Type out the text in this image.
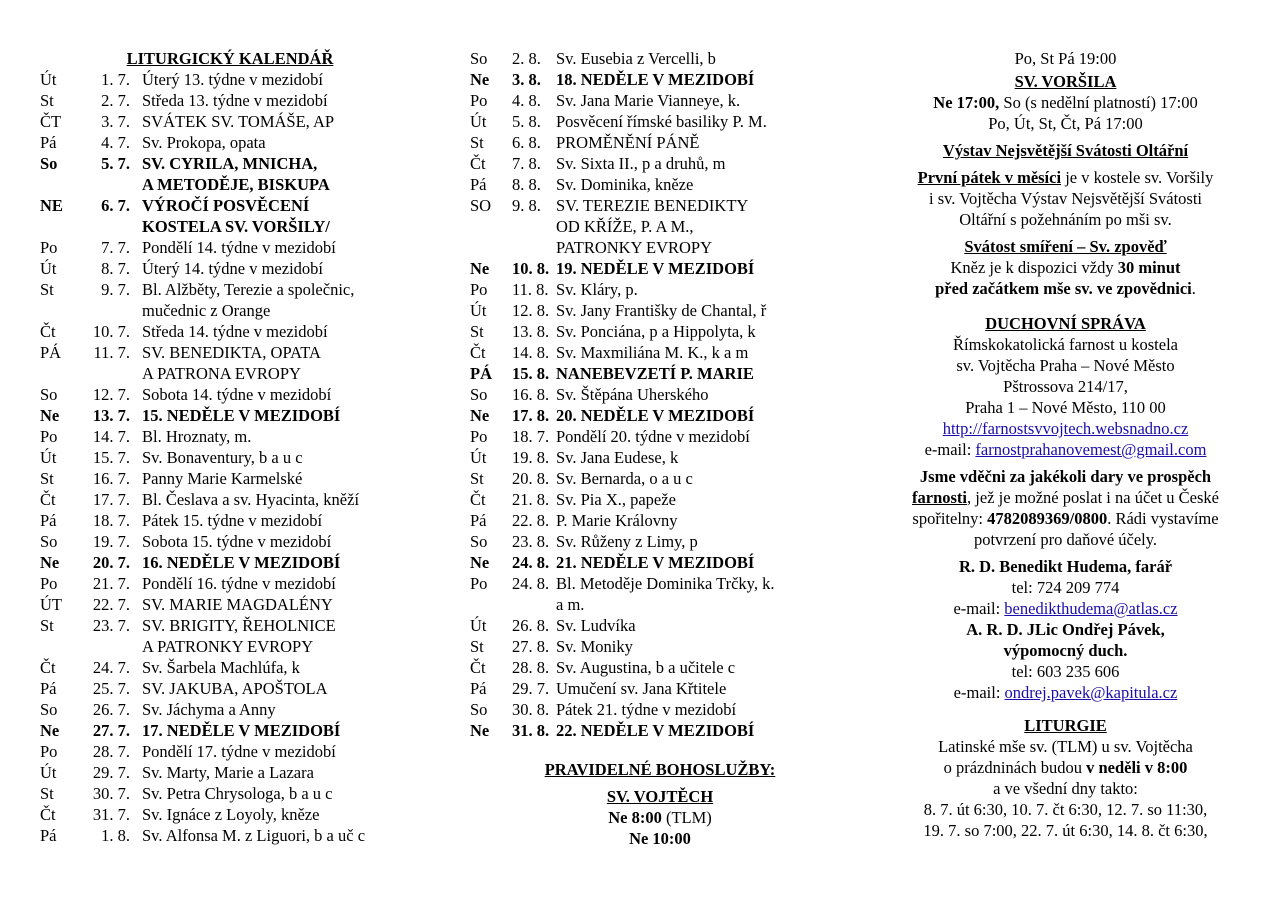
LITURGICKÝ KALENDÁŘ
Út	1. 7. Úterý 13. týdne v mezidobí
St	2. 7. Středa 13. týdne v mezidobí
ČT	3. 7. SVÁTEK SV. TOMÁŠE, AP
Pá	4. 7. Sv. Prokopa, opata
So	5. 7. SV. CYRILA, MNICHA,
A METODĚJE, BISKUPA
NE	6. 7. VÝROČÍ POSVĚCENÍ
KOSTELA SV. VORŠILY/
Po	7. 7. Pondělí 14. týdne v mezidobí
Út	8. 7. Úterý 14. týdne v mezidobí
St	9. 7. Bl. Alžběty, Terezie a společnic,
mučednic z Orange
Čt	10. 7. Středa 14. týdne v mezidobí
PÁ	11. 7. SV. BENEDIKTA, OPATA
A PATRONA EVROPY
So	12. 7. Sobota 14. týdne v mezidobí
Ne	13. 7. 15. NEDĚLE V MEZIDOBÍ
Po	14. 7. Bl. Hroznaty, m.
Út	15. 7. Sv. Bonaventury, b a u c
St	16. 7. Panny Marie Karmelské
Čt	17. 7. Bl. Česlava a sv. Hyacinta, kněží
Pá	18. 7. Pátek 15. týdne v mezidobí
So	19. 7. Sobota 15. týdne v mezidobí
Ne	20. 7. 16. NEDĚLE V MEZIDOBÍ
Po	21. 7. Pondělí 16. týdne v mezidobí
ÚT	22. 7. SV. MARIE MAGDALÉNY
St	23. 7. SV. BRIGITY, ŘEHOLNICE
A PATRONKY EVROPY
Čt	24. 7. Sv. Šarbela Machlúfa, k
Pá	25. 7. SV. JAKUBA, APOŠTOLA
So	26. 7. Sv. Jáchyma a Anny
Ne	27. 7. 17. NEDĚLE V MEZIDOBÍ
Po	28. 7. Pondělí 17. týdne v mezidobí
Út	29. 7. Sv. Marty, Marie a Lazara
St	30. 7. Sv. Petra Chrysologa, b a u c
Čt	31. 7. Sv. Ignáce z Loyoly, kněze
Pá	1. 8. Sv. Alfonsa M. z Liguori, b a uč c
So	2. 8. Sv. Eusebia z Vercelli, b
Ne	3. 8. 18. NEDĚLE V MEZIDOBÍ
Po	4. 8. Sv. Jana Marie Vianneye, k.
Út	5. 8. Posvěcení římské basiliky P. M.
St	6. 8. PROMĚNĚNÍ PÁNĚ
Čt	7. 8. Sv. Sixta II., p a druhů, m
Pá	8. 8. Sv. Dominika, kněze
SO	9. 8. SV. TEREZIE BENEDIKTY
OD KŘÍŽE, P. A M.,
PATRONKY EVROPY
Ne	10. 8. 19. NEDĚLE V MEZIDOBÍ
Po	11. 8. Sv. Kláry, p.
Út	12. 8. Sv. Jany Františky de Chantal, ř
St	13. 8. Sv. Ponciána, p a Hippolyta, k
Čt	14. 8. Sv. Maxmiliána M. K., k a m
PÁ	15. 8. NANEBEVZETÍ P. MARIE
So	16. 8. Sv. Štěpána Uherského
Ne	17. 8. 20. NEDĚLE V MEZIDOBÍ
Po	18. 7. Pondělí 20. týdne v mezidobí
Út	19. 8. Sv. Jana Eudese, k
St	20. 8. Sv. Bernarda, o a u c
Čt	21. 8. Sv. Pia X., papeže
Pá	22. 8. P. Marie Královny
So	23. 8. Sv. Růženy z Limy, p
Ne	24. 8. 21. NEDĚLE V MEZIDOBÍ
Po	24. 8. Bl. Metoděje Dominika Trčky, k.
a m.
Út	26. 8. Sv. Ludvíka
St	27. 8. Sv. Moniky
Čt	28. 8. Sv. Augustina, b a učitele c
Pá	29. 7. Umučení sv. Jana Křtitele
So	30. 8. Pátek 21. týdne v mezidobí
Ne	31. 8. 22. NEDĚLE V MEZIDOBÍ
PRAVIDELNÉ BOHOSLUŽBY:
SV. VOJTĚCH
Ne 8:00 (TLM)
Ne 10:00
Po, St Pá 19:00
SV. VORŠILA
Ne 17:00, So (s nedělní platností) 17:00
Po, Út, St, Čt, Pá 17:00
Výstav Nejsvětější Svátosti Oltářní
První pátek v měsíci je v kostele sv. Voršily
i sv. Vojtěcha Výstav Nejsvětější Svátosti
Oltářní s požehnáním po mši sv.
Svátost smíření – Sv. zpověď
Kněz je k dispozici vždy 30 minut
před začátkem mše sv. ve zpovědnici.
DUCHOVNÍ SPRÁVA
Římskokatolická farnost u kostela
sv. Vojtěcha Praha – Nové Město
Pštrossova 214/17,
Praha 1 – Nové Město, 110 00
http://farnostsvvojtech.websnadno.cz
e-mail: farnostprahanovemest@gmail.com
Jsme vděčni za jakékoli dary ve prospěch
farnosti, jež je možné poslat i na účet u České
spořitelny: 4782089369/0800. Rádi vystavíme
potvrzení pro daňové účely.
R. D. Benedikt Hudema, farář
tel: 724 209 774
e-mail: benedikthudema@atlas.cz
A. R. D. JLic Ondřej Pávek,
výpomocný duch.
tel: 603 235 606
e-mail: ondrej.pavek@kapitula.cz
LITURGIE
Latinské mše sv. (TLM) u sv. Vojtěcha
o prázdninách budou v neděli v 8:00
a ve všední dny takto:
8. 7. út 6:30, 10. 7. čt 6:30, 12. 7. so 11:30,
19. 7. so 7:00, 22. 7. út 6:30, 14. 8. čt 6:30,
